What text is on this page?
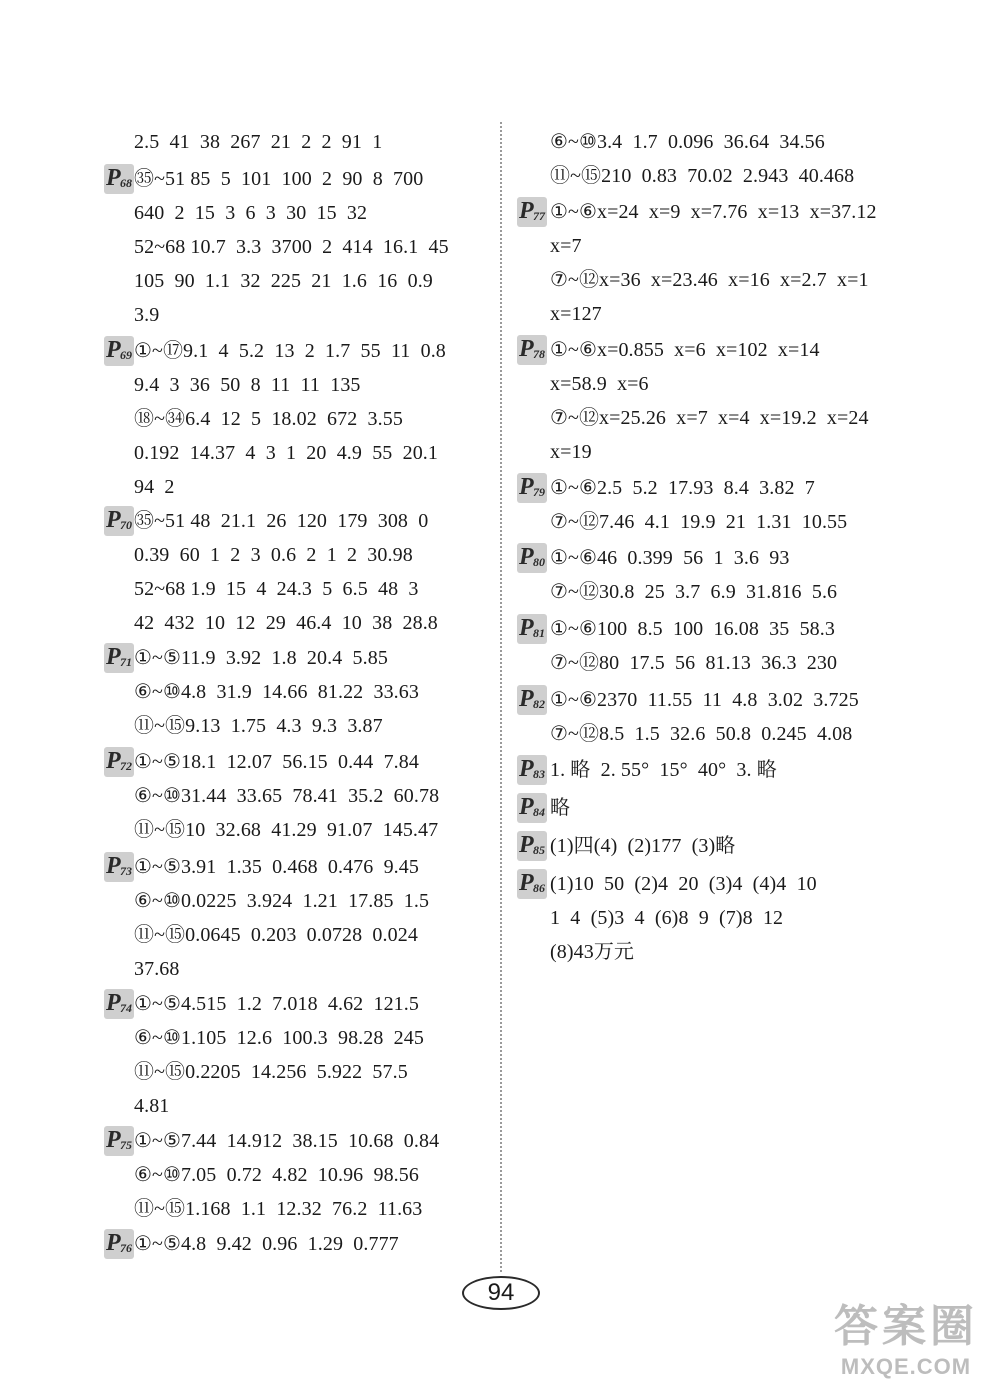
2.5  41  38  267  21  2  2  91  1
P 68 ㉟~51 85  5  101  100  2  90  8  700
640  2  15  3  6  3  30  15  32
52~68 10.7  3.3  3700  2  414  16.1  45
105  90  1.1  32  225  21  1.6  16  0.9
3.9
P 69 ①~⑰9.1  4  5.2  13  2  1.7  55  11  0.8
9.4  3  36  50  8  11  11  135
⑱~㉞6.4  12  5  18.02  672  3.55
0.192  14.37  4  3  1  20  4.9  55  20.1
94  2
P 70 ㉟~51 48  21.1  26  120  179  308  0
0.39  60  1  2  3  0.6  2  1  2  30.98
52~68 1.9  15  4  24.3  5  6.5  48  3
42  432  10  12  29  46.4  10  38  28.8
P 71 ①~⑤11.9  3.92  1.8  20.4  5.85
⑥~⑩4.8  31.9  14.66  81.22  33.63
⑪~⑮9.13  1.75  4.3  9.3  3.87
P 72 ①~⑤18.1  12.07  56.15  0.44  7.84
⑥~⑩31.44  33.65  78.41  35.2  60.78
⑪~⑮10  32.68  41.29  91.07  145.47
P 73 ①~⑤3.91  1.35  0.468  0.476  9.45
⑥~⑩0.0225  3.924  1.21  17.85  1.5
⑪~⑮0.0645  0.203  0.0728  0.024
37.68
P 74 ①~⑤4.515  1.2  7.018  4.62  121.5
⑥~⑩1.105  12.6  100.3  98.28  245
⑪~⑮0.2205  14.256  5.922  57.5
4.81
P 75 ①~⑤7.44  14.912  38.15  10.68  0.84
⑥~⑩7.05  0.72  4.82  10.96  98.56
⑪~⑮1.168  1.1  12.32  76.2  11.63
P 76 ①~⑤4.8  9.42  0.96  1.29  0.777
⑥~⑩3.4  1.7  0.096  36.64  34.56
⑪~⑮210  0.83  70.02  2.943  40.468
P 77 ①~⑥x=24  x=9  x=7.76  x=13  x=37.12
x=7
⑦~⑫x=36  x=23.46  x=16  x=2.7  x=1
x=127
P 78 ①~⑥x=0.855  x=6  x=102  x=14
x=58.9  x=6
⑦~⑫x=25.26  x=7  x=4  x=19.2  x=24
x=19
P 79 ①~⑥2.5  5.2  17.93  8.4  3.82  7
⑦~⑫7.46  4.1  19.9  21  1.31  10.55
P 80 ①~⑥46  0.399  56  1  3.6  93
⑦~⑫30.8  25  3.7  6.9  31.816  5.6
P 81 ①~⑥100  8.5  100  16.08  35  58.3
⑦~⑫80  17.5  56  81.13  36.3  230
P 82 ①~⑥2370  11.55  11  4.8  3.02  3.725
⑦~⑫8.5  1.5  32.6  50.8  0.245  4.08
P 83 1. 略  2. 55°  15°  40°  3. 略
P 84 略
P 85 (1)四(4)  (2)177  (3)略
P 86 (1)10  50  (2)4  20  (3)4  (4)4  10
1  4  (5)3  4  (6)8  9  (7)8  12
(8)43万元
94
答案圈
MXQE.COM
